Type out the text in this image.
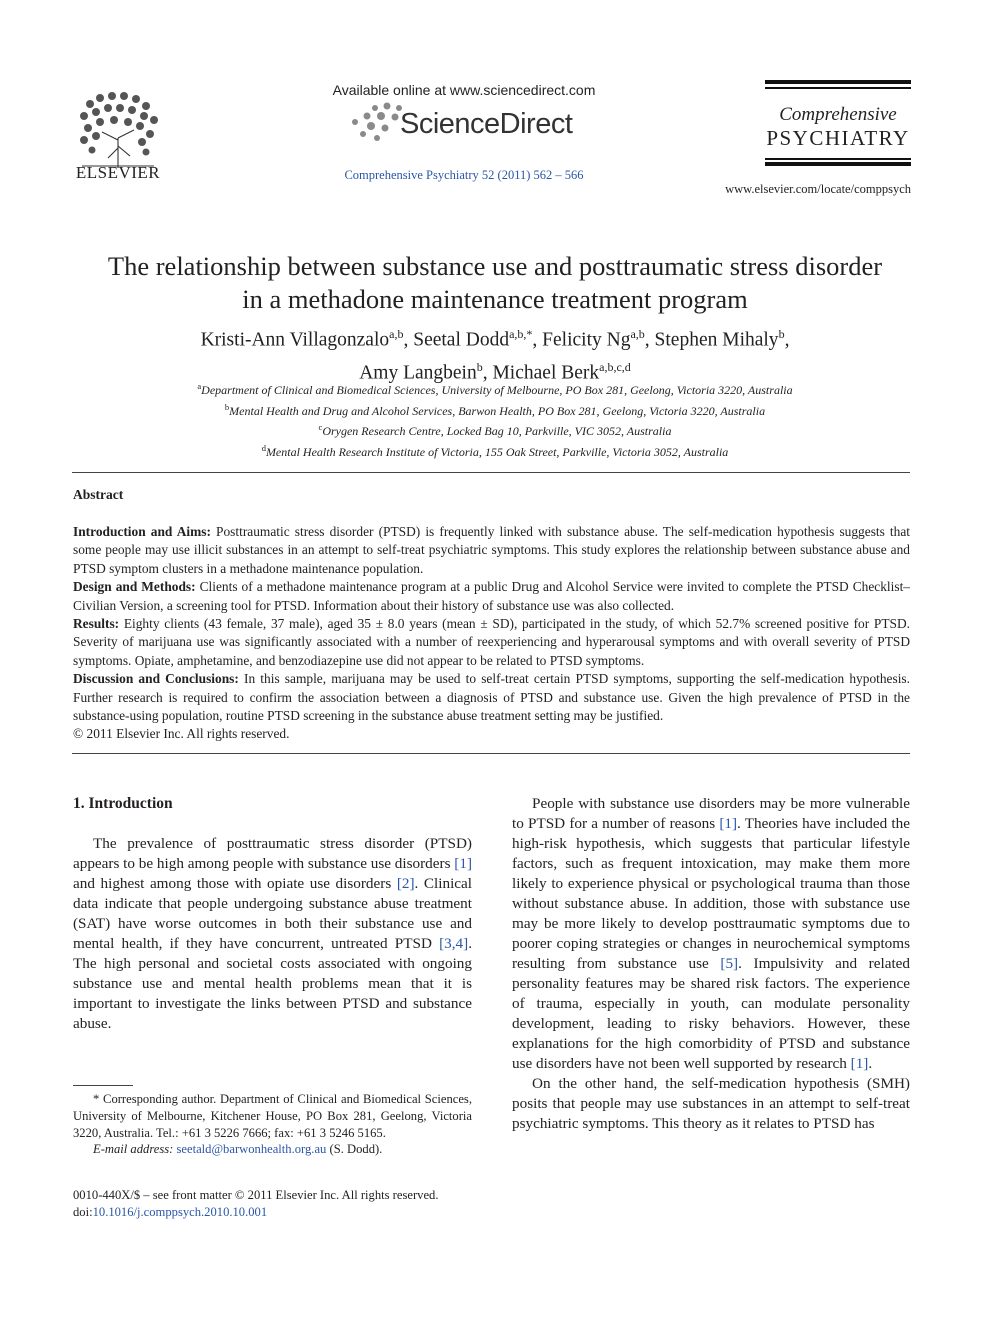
ELSEVIER
Available online at www.sciencedirect.com
ScienceDirect
Comprehensive Psychiatry 52 (2011) 562 – 566
Comprehensive
PSYCHIATRY
www.elsevier.com/locate/comppsych
The relationship between substance use and posttraumatic stress disorder
in a methadone maintenance treatment program
Kristi-Ann Villagonzalo$^{a,b}$, Seetal Dodd$^{a,b,*}$, Felicity Ng$^{a,b}$, Stephen Mihaly$^b$,
Amy Langbein$^b$, Michael Berk$^{a,b,c,d}$
$^a$Department of Clinical and Biomedical Sciences, University of Melbourne, PO Box 281, Geelong, Victoria 3220, Australia
$^b$Mental Health and Drug and Alcohol Services, Barwon Health, PO Box 281, Geelong, Victoria 3220, Australia
$^c$Orygen Research Centre, Locked Bag 10, Parkville, VIC 3052, Australia
$^d$Mental Health Research Institute of Victoria, 155 Oak Street, Parkville, Victoria 3052, Australia
Abstract

Introduction and Aims: Posttraumatic stress disorder (PTSD) is frequently linked with substance abuse. The self-medication hypothesis suggests that some people may use illicit substances in an attempt to self-treat psychiatric symptoms. This study explores the relationship between substance abuse and PTSD symptom clusters in a methadone maintenance population.

Design and Methods: Clients of a methadone maintenance program at a public Drug and Alcohol Service were invited to complete the PTSD Checklist–Civilian Version, a screening tool for PTSD. Information about their history of substance use was also collected.

Results: Eighty clients (43 female, 37 male), aged 35 ± 8.0 years (mean ± SD), participated in the study, of which 52.7% screened positive for PTSD. Severity of marijuana use was significantly associated with a number of reexperiencing and hyperarousal symptoms and with overall severity of PTSD symptoms. Opiate, amphetamine, and benzodiazepine use did not appear to be related to PTSD symptoms.

Discussion and Conclusions: In this sample, marijuana may be used to self-treat certain PTSD symptoms, supporting the self-medication hypothesis. Further research is required to confirm the association between a diagnosis of PTSD and substance use. Given the high prevalence of PTSD in the substance-using population, routine PTSD screening in the substance abuse treatment setting may be justified.

© 2011 Elsevier Inc. All rights reserved.

1. Introduction

The prevalence of posttraumatic stress disorder (PTSD) appears to be high among people with substance use disorders [1] and highest among those with opiate use disorders [2]. Clinical data indicate that people undergoing substance abuse treatment (SAT) have worse outcomes in both their substance use and mental health, if they have concurrent, untreated PTSD [3,4]. The high personal and societal costs associated with ongoing substance use and mental health problems mean that it is important to investigate the links between PTSD and substance abuse.

People with substance use disorders may be more vulnerable to PTSD for a number of reasons [1]. Theories have included the high-risk hypothesis, which suggests that particular lifestyle factors, such as frequent intoxication, may make them more likely to experience physical or psychological trauma than those without substance abuse. In addition, those with substance use may be more likely to develop posttraumatic symptoms due to poorer coping strategies or changes in neurochemical symptoms resulting from substance use [5]. Impulsivity and related personality features may be shared risk factors. The experience of trauma, especially in youth, can modulate personality development, leading to risky behaviors. However, these explanations for the high comorbidity of PTSD and substance use disorders have not been well supported by research [1].

On the other hand, the self-medication hypothesis (SMH) posits that people may use substances in an attempt to self-treat psychiatric symptoms. This theory as it relates to PTSD has

* Corresponding author. Department of Clinical and Biomedical Sciences, University of Melbourne, Kitchener House, PO Box 281, Geelong, Victoria 3220, Australia. Tel.: +61 3 5226 7666; fax: +61 3 5246 5165.

E-mail address: seetald@barwonhealth.org.au (S. Dodd).

0010-440X/$ – see front matter © 2011 Elsevier Inc. All rights reserved.

doi:10.1016/j.comppsych.2010.10.001
